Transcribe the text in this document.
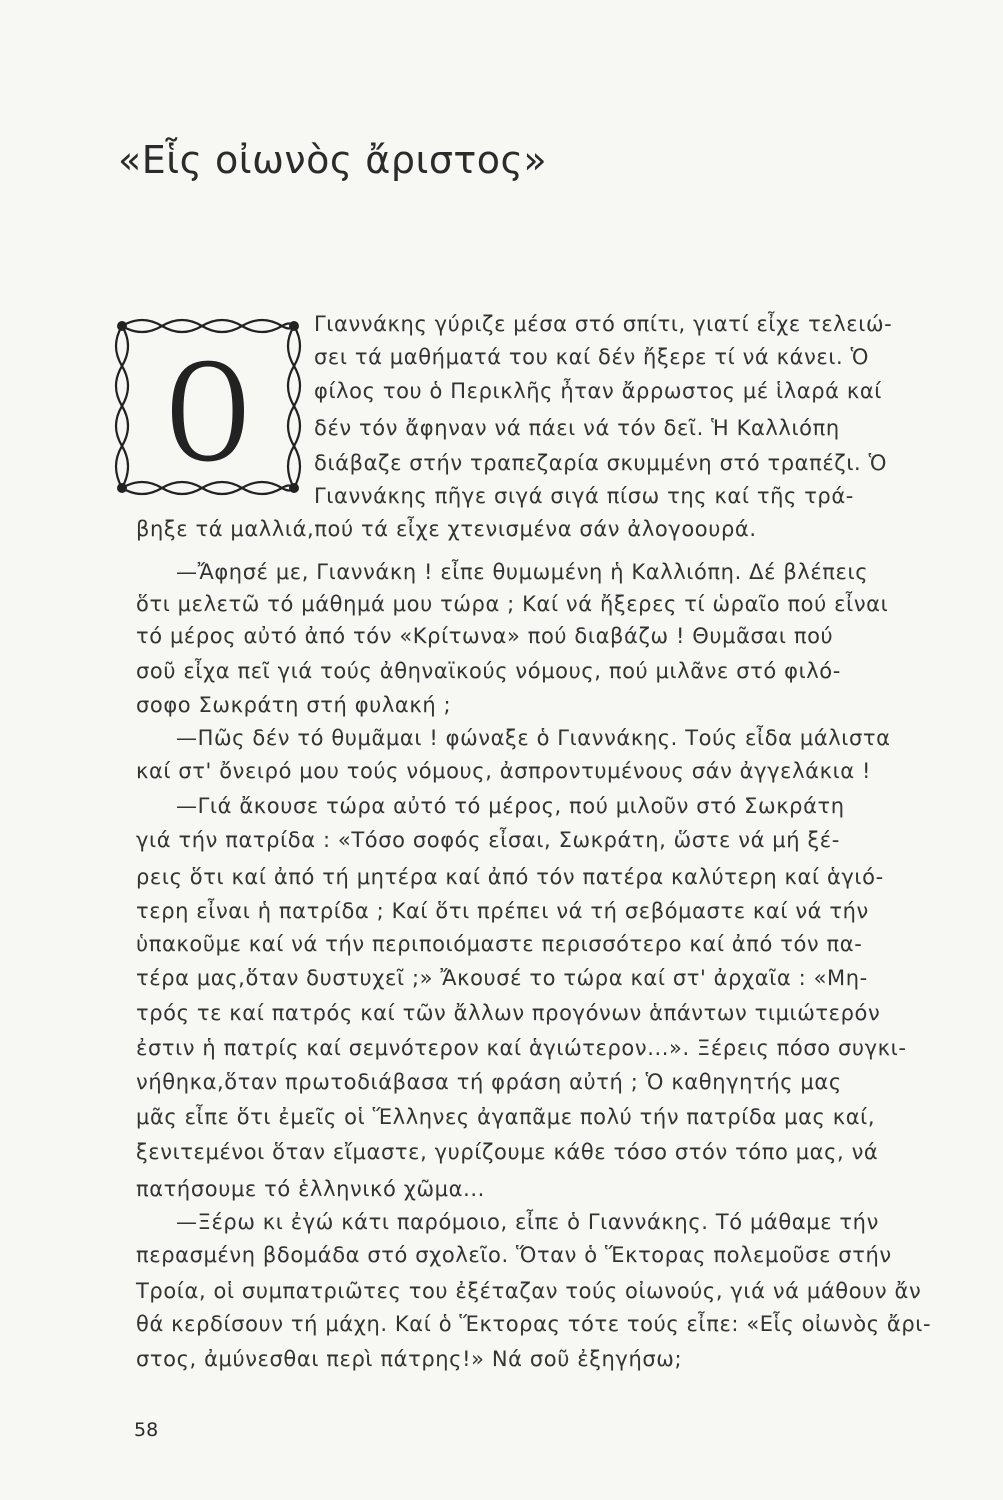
«Εἷς οἰωνὸς ἄριστος»
Ο
Γιαννάκης γύριζε μέσα στό σπίτι, γιατί εἶχε τελειώ-
σει τά μαθήματά του καί δέν ἤξερε τί νά κάνει. Ὁ
φίλος του ὁ Περικλῆς ἦταν ἄρρωστος μέ ἱλαρά καί
δέν τόν ἄφηναν νά πάει νά τόν δεῖ. Ἡ Καλλιόπη
διάβαζε στήν τραπεζαρία σκυμμένη στό τραπέζι. Ὁ
Γιαννάκης πῆγε σιγά σιγά πίσω της καί τῆς τρά-
βηξε τά μαλλιά,πού τά εἶχε χτενισμένα σάν ἀλογοουρά.
—Ἄφησέ με, Γιαννάκη ! εἶπε θυμωμένη ἡ Καλλιόπη. Δέ βλέπεις
ὅτι μελετῶ τό μάθημά μου τώρα ; Καί νά ἤξερες τί ὡραῖο πού εἶναι
τό μέρος αὐτό ἀπό τόν «Κρίτωνα» πού διαβάζω ! Θυμᾶσαι πού
σοῦ εἶχα πεῖ γιά τούς ἀθηναϊκούς νόμους, πού μιλᾶνε στό φιλό-
σοφο Σωκράτη στή φυλακή ;
—Πῶς δέν τό θυμᾶμαι ! φώναξε ὁ Γιαννάκης. Τούς εἶδα μάλιστα
καί στ' ὄνειρό μου τούς νόμους, ἀσπροντυμένους σάν ἀγγελάκια !
—Γιά ἄκουσε τώρα αὐτό τό μέρος, πού μιλοῦν στό Σωκράτη
γιά τήν πατρίδα : «Τόσο σοφός εἶσαι, Σωκράτη, ὥστε νά μή ξέ-
ρεις ὅτι καί ἀπό τή μητέρα καί ἀπό τόν πατέρα καλύτερη καί ἁγιό-
τερη εἶναι ἡ πατρίδα ; Καί ὅτι πρέπει νά τή σεβόμαστε καί νά τήν
ὑπακοῦμε καί νά τήν περιποιόμαστε περισσότερο καί ἀπό τόν πα-
τέρα μας,ὅταν δυστυχεῖ ;» Ἄκουσέ το τώρα καί στ' ἀρχαῖα : «Μη-
τρός τε καί πατρός καί τῶν ἄλλων προγόνων ἁπάντων τιμιώτερόν
ἐστιν ἡ πατρίς καί σεμνότερον καί ἁγιώτερον...». Ξέρεις πόσο συγκι-
νήθηκα,ὅταν πρωτοδιάβασα τή φράση αὐτή ; Ὁ καθηγητής μας
μᾶς εἶπε ὅτι ἐμεῖς οἱ Ἕλληνες ἀγαπᾶμε πολύ τήν πατρίδα μας καί,
ξενιτεμένοι ὅταν εἴμαστε, γυρίζουμε κάθε τόσο στόν τόπο μας, νά
πατήσουμε τό ἑλληνικό χῶμα...
—Ξέρω κι ἐγώ κάτι παρόμοιο, εἶπε ὁ Γιαννάκης. Τό μάθαμε τήν
περασμένη βδομάδα στό σχολεῖο. Ὅταν ὁ Ἕκτορας πολεμοῦσε στήν
Τροία, οἱ συμπατριῶτες του ἐξέταζαν τούς οἰωνούς, γιά νά μάθουν ἄν
θά κερδίσουν τή μάχη. Καί ὁ Ἕκτορας τότε τούς εἶπε: «Εἷς οἰωνὸς ἄρι-
στος, ἀμύνεσθαι περὶ πάτρης!» Νά σοῦ ἐξηγήσω;
58
